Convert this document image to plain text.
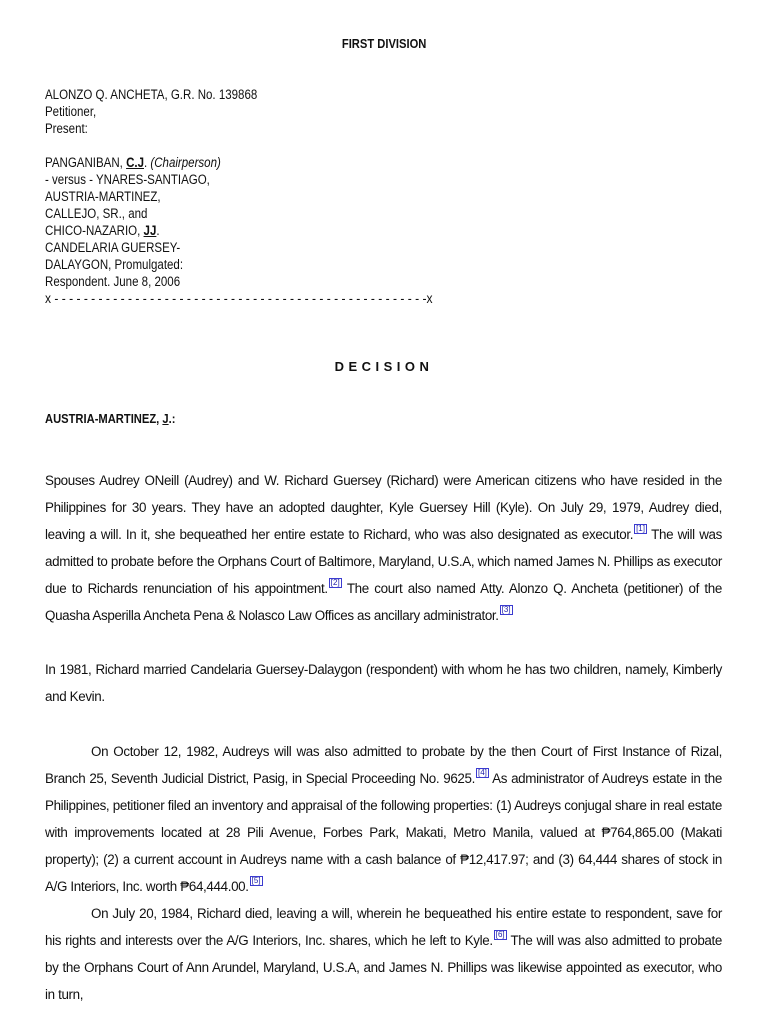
FIRST DIVISION
ALONZO Q. ANCHETA, G.R. No. 139868
Petitioner,
Present:
PANGANIBAN, C.J. (Chairperson)
- versus - YNARES-SANTIAGO,
AUSTRIA-MARTINEZ,
CALLEJO, SR., and
CHICO-NAZARIO, JJ.
CANDELARIA GUERSEY-
DALAYGON, Promulgated:
Respondent. June 8, 2006
x - - - - - - - - - - - - - - - - - - - - - - - - - - - - - - - - - - - - - - - - - - - - - - - - - - -x
DECISION
AUSTRIA-MARTINEZ, J.:
Spouses Audrey ONeill (Audrey) and W. Richard Guersey (Richard) were American citizens who have resided in the Philippines for 30 years. They have an adopted daughter, Kyle Guersey Hill (Kyle). On July 29, 1979, Audrey died, leaving a will. In it, she bequeathed her entire estate to Richard, who was also designated as executor. [1] The will was admitted to probate before the Orphans Court of Baltimore, Maryland, U.S.A, which named James N. Phillips as executor due to Richards renunciation of his appointment. [2] The court also named Atty. Alonzo Q. Ancheta (petitioner) of the Quasha Asperilla Ancheta Pena & Nolasco Law Offices as ancillary administrator. [3]
In 1981, Richard married Candelaria Guersey-Dalaygon (respondent) with whom he has two children, namely, Kimberly and Kevin.
On October 12, 1982, Audreys will was also admitted to probate by the then Court of First Instance of Rizal, Branch 25, Seventh Judicial District, Pasig, in Special Proceeding No. 9625. [4] As administrator of Audreys estate in the Philippines, petitioner filed an inventory and appraisal of the following properties: (1) Audreys conjugal share in real estate with improvements located at 28 Pili Avenue, Forbes Park, Makati, Metro Manila, valued at ₱764,865.00 (Makati property); (2) a current account in Audreys name with a cash balance of ₱12,417.97; and (3) 64,444 shares of stock in A/G Interiors, Inc. worth ₱64,444.00. [5]
On July 20, 1984, Richard died, leaving a will, wherein he bequeathed his entire estate to respondent, save for his rights and interests over the A/G Interiors, Inc. shares, which he left to Kyle. [6] The will was also admitted to probate by the Orphans Court of Ann Arundel, Maryland, U.S.A, and James N. Phillips was likewise appointed as executor, who in turn,
